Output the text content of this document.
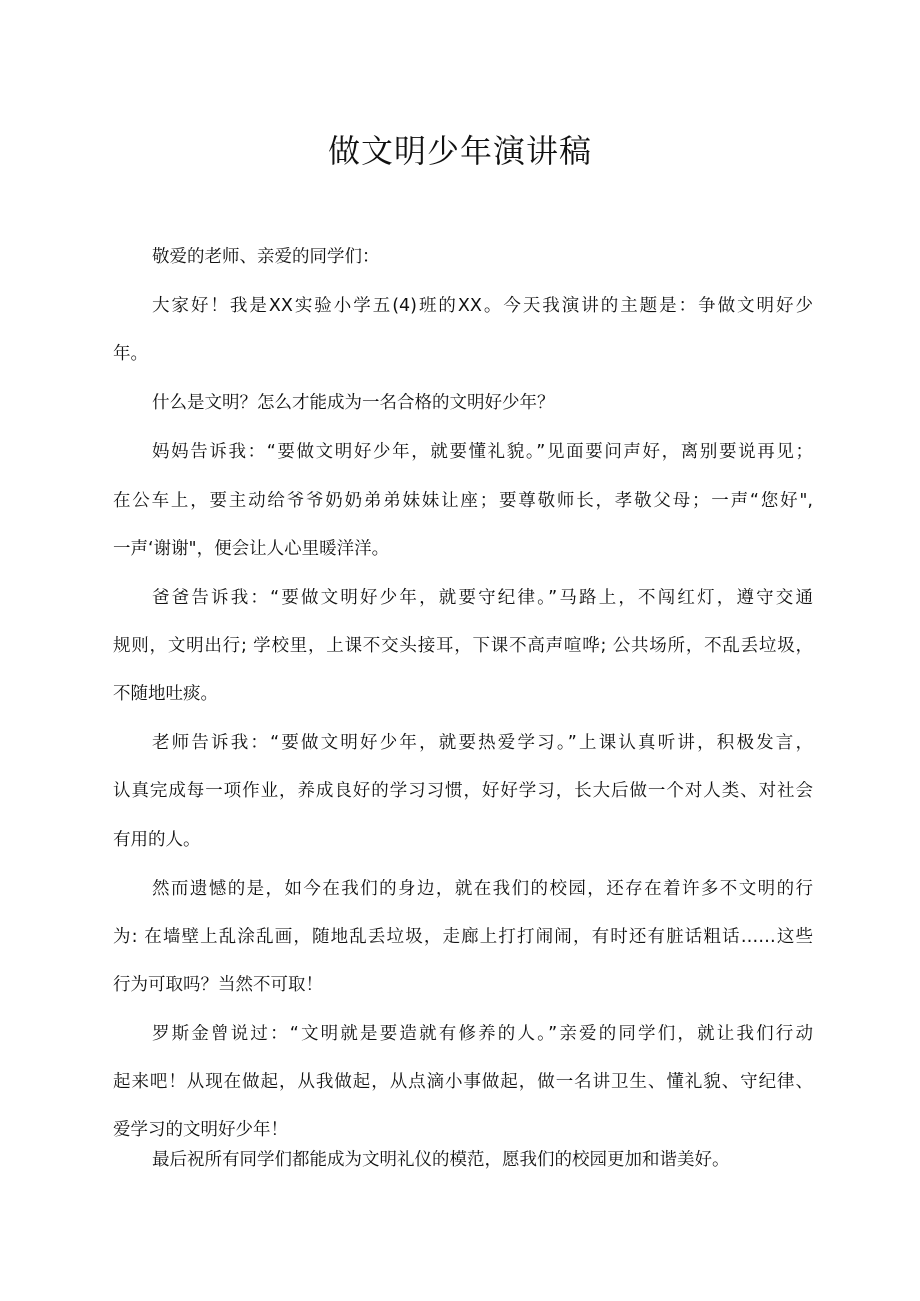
做文明少年演讲稿

敬爱的老师、亲爱的同学们：

大家好！我是XX实验小学五(4)班的XX。今天我演讲的主题是：争做文明好少

年。

什么是文明？怎么才能成为一名合格的文明好少年？

妈妈告诉我：“要做文明好少年，就要懂礼貌。”见面要问声好，离别要说再见；

在公车上，要主动给爷爷奶奶弟弟妹妹让座；要尊敬师长，孝敬父母；一声“您好",

一声‘谢谢"，便会让人心里暖洋洋。

爸爸告诉我：“要做文明好少年，就要守纪律。”马路上，不闯红灯，遵守交通

规则，文明出行; 学校里，上课不交头接耳，下课不高声喧哗; 公共场所，不乱丢垃圾，

不随地吐痰。

老师告诉我：“要做文明好少年，就要热爱学习。”上课认真听讲，积极发言，

认真完成每一项作业，养成良好的学习习惯，好好学习，长大后做一个对人类、对社会

有用的人。

然而遗憾的是，如今在我们的身边，就在我们的校园，还存在着许多不文明的行

为: 在墙壁上乱涂乱画，随地乱丢垃圾，走廊上打打闹闹，有时还有脏话粗话……这些

行为可取吗？当然不可取！

罗斯金曾说过：“文明就是要造就有修养的人。”亲爱的同学们，就让我们行动

起来吧！从现在做起，从我做起，从点滴小事做起，做一名讲卫生、懂礼貌、守纪律、

爱学习的文明好少年！

最后祝所有同学们都能成为文明礼仪的模范，愿我们的校园更加和谐美好。
